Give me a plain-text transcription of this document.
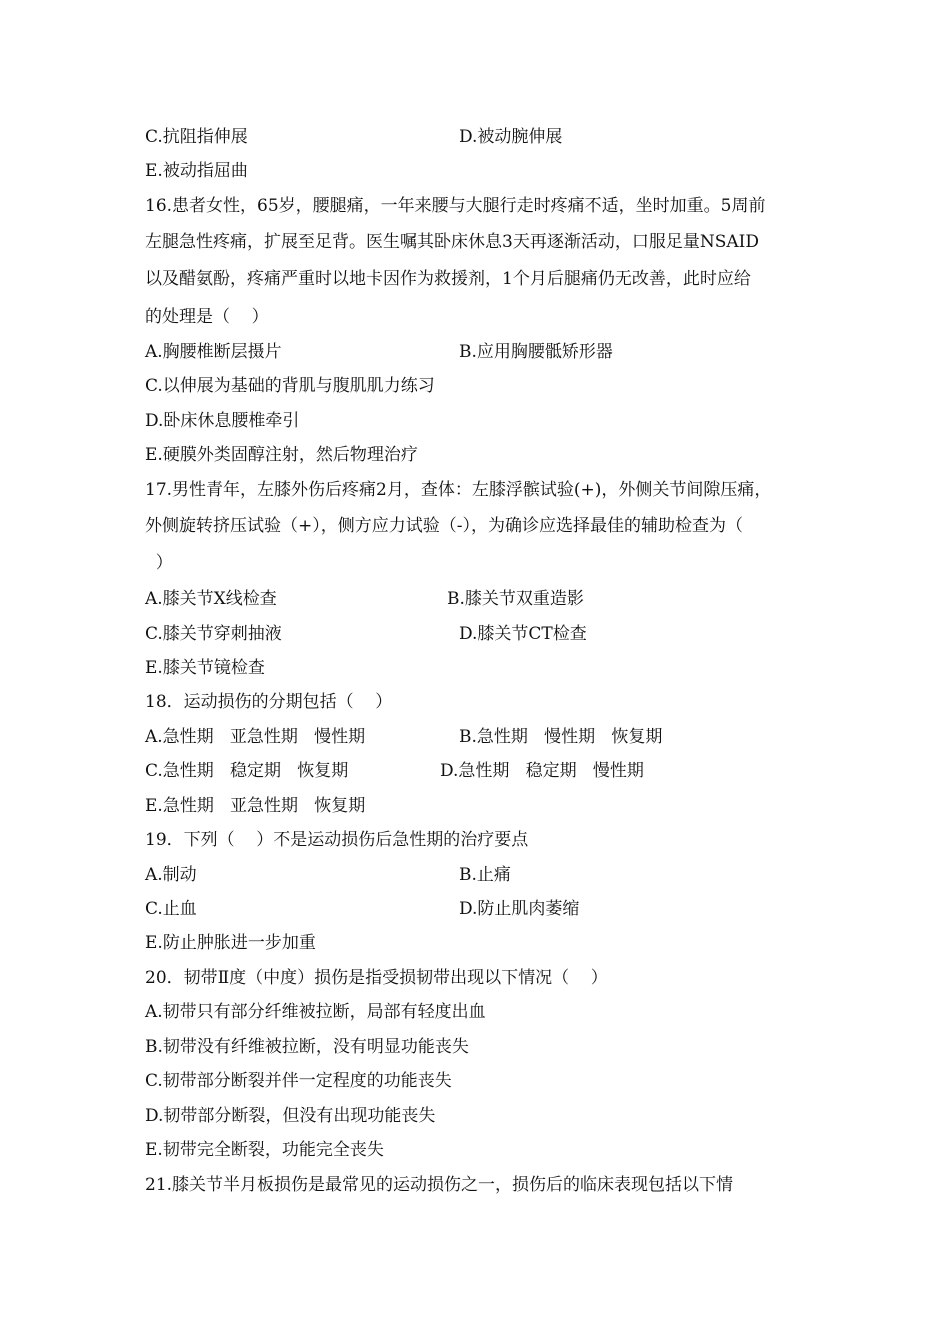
C.抗阻指伸展	D.被动腕伸展
E.被动指屈曲
16.患者女性，65岁，腰腿痛，一年来腰与大腿行走时疼痛不适，坐时加重。5周前
左腿急性疼痛，扩展至足背。医生嘱其卧床休息3天再逐渐活动，口服足量NSAID
以及醋氨酚，疼痛严重时以地卡因作为救援剂，1个月后腿痛仍无改善，此时应给
的处理是（    ）
A.胸腰椎断层摄片	B.应用胸腰骶矫形器
C.以伸展为基础的背肌与腹肌肌力练习
D.卧床休息腰椎牵引
E.硬膜外类固醇注射，然后物理治疗
17.男性青年，左膝外伤后疼痛2月，查体：左膝浮髌试验(+)，外侧关节间隙压痛，
外侧旋转挤压试验（+），侧方应力试验（-），为确诊应选择最佳的辅助检查为（
）
A.膝关节X线检查	B.膝关节双重造影
C.膝关节穿刺抽液	D.膝关节CT检查
E.膝关节镜检查
18．运动损伤的分期包括（    ）
A.急性期   亚急性期   慢性期	B.急性期   慢性期   恢复期
C.急性期   稳定期   恢复期	D.急性期   稳定期   慢性期
E.急性期   亚急性期   恢复期
19．下列（    ）不是运动损伤后急性期的治疗要点
A.制动	B.止痛
C.止血	D.防止肌肉萎缩
E.防止肿胀进一步加重
20．韧带Ⅱ度（中度）损伤是指受损韧带出现以下情况（    ）
A.韧带只有部分纤维被拉断，局部有轻度出血
B.韧带没有纤维被拉断，没有明显功能丧失
C.韧带部分断裂并伴一定程度的功能丧失
D.韧带部分断裂，但没有出现功能丧失
E.韧带完全断裂，功能完全丧失
21.膝关节半月板损伤是最常见的运动损伤之一，损伤后的临床表现包括以下情
